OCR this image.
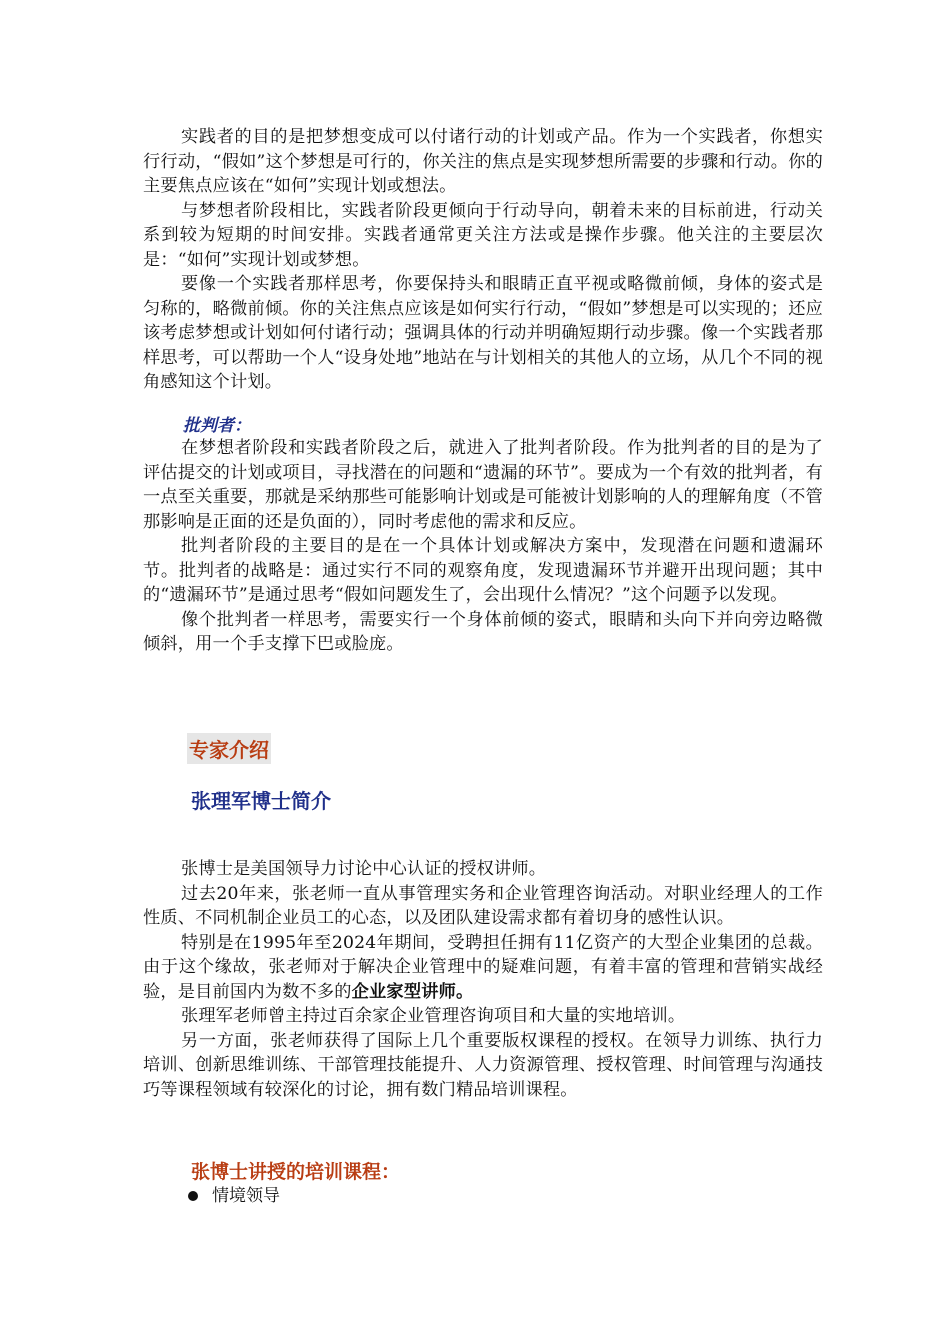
实践者的目的是把梦想变成可以付诸行动的计划或产品。作为一个实践者，你想实行行动，“假如”这个梦想是可行的，你关注的焦点是实现梦想所需要的步骤和行动。你的主要焦点应该在“如何”实现计划或想法。

与梦想者阶段相比，实践者阶段更倾向于行动导向，朝着未来的目标前进，行动关系到较为短期的时间安排。实践者通常更关注方法或是操作步骤。他关注的主要层次是：“如何”实现计划或梦想。

要像一个实践者那样思考，你要保持头和眼睛正直平视或略微前倾，身体的姿式是匀称的，略微前倾。你的关注焦点应该是如何实行行动，“假如”梦想是可以实现的；还应该考虑梦想或计划如何付诸行动；强调具体的行动并明确短期行动步骤。像一个实践者那样思考，可以帮助一个人“设身处地”地站在与计划相关的其他人的立场，从几个不同的视角感知这个计划。

批判者：

在梦想者阶段和实践者阶段之后，就进入了批判者阶段。作为批判者的目的是为了评估提交的计划或项目，寻找潜在的问题和“遗漏的环节”。要成为一个有效的批判者，有一点至关重要，那就是采纳那些可能影响计划或是可能被计划影响的人的理解角度（不管那影响是正面的还是负面的），同时考虑他的需求和反应。

批判者阶段的主要目的是在一个具体计划或解决方案中，发现潜在问题和遗漏环节。批判者的战略是：通过实行不同的观察角度，发现遗漏环节并避开出现问题；其中的“遗漏环节”是通过思考“假如问题发生了，会出现什么情况？”这个问题予以发现。

像个批判者一样思考，需要实行一个身体前倾的姿式，眼睛和头向下并向旁边略微倾斜，用一个手支撑下巴或脸庞。

专家介绍
张理军博士简介

张博士是美国领导力讨论中心认证的授权讲师。

过去20年来，张老师一直从事管理实务和企业管理咨询活动。对职业经理人的工作性质、不同机制企业员工的心态，以及团队建设需求都有着切身的感性认识。

特别是在1995年至2024年期间，受聘担任拥有11亿资产的大型企业集团的总裁。由于这个缘故，张老师对于解决企业管理中的疑难问题，有着丰富的管理和营销实战经验，是目前国内为数不多的企业家型讲师。

张理军老师曾主持过百余家企业管理咨询项目和大量的实地培训。

另一方面，张老师获得了国际上几个重要版权课程的授权。在领导力训练、执行力培训、创新思维训练、干部管理技能提升、人力资源管理、授权管理、时间管理与沟通技巧等课程领域有较深化的讨论，拥有数门精品培训课程。

张博士讲授的培训课程：
情境领导
